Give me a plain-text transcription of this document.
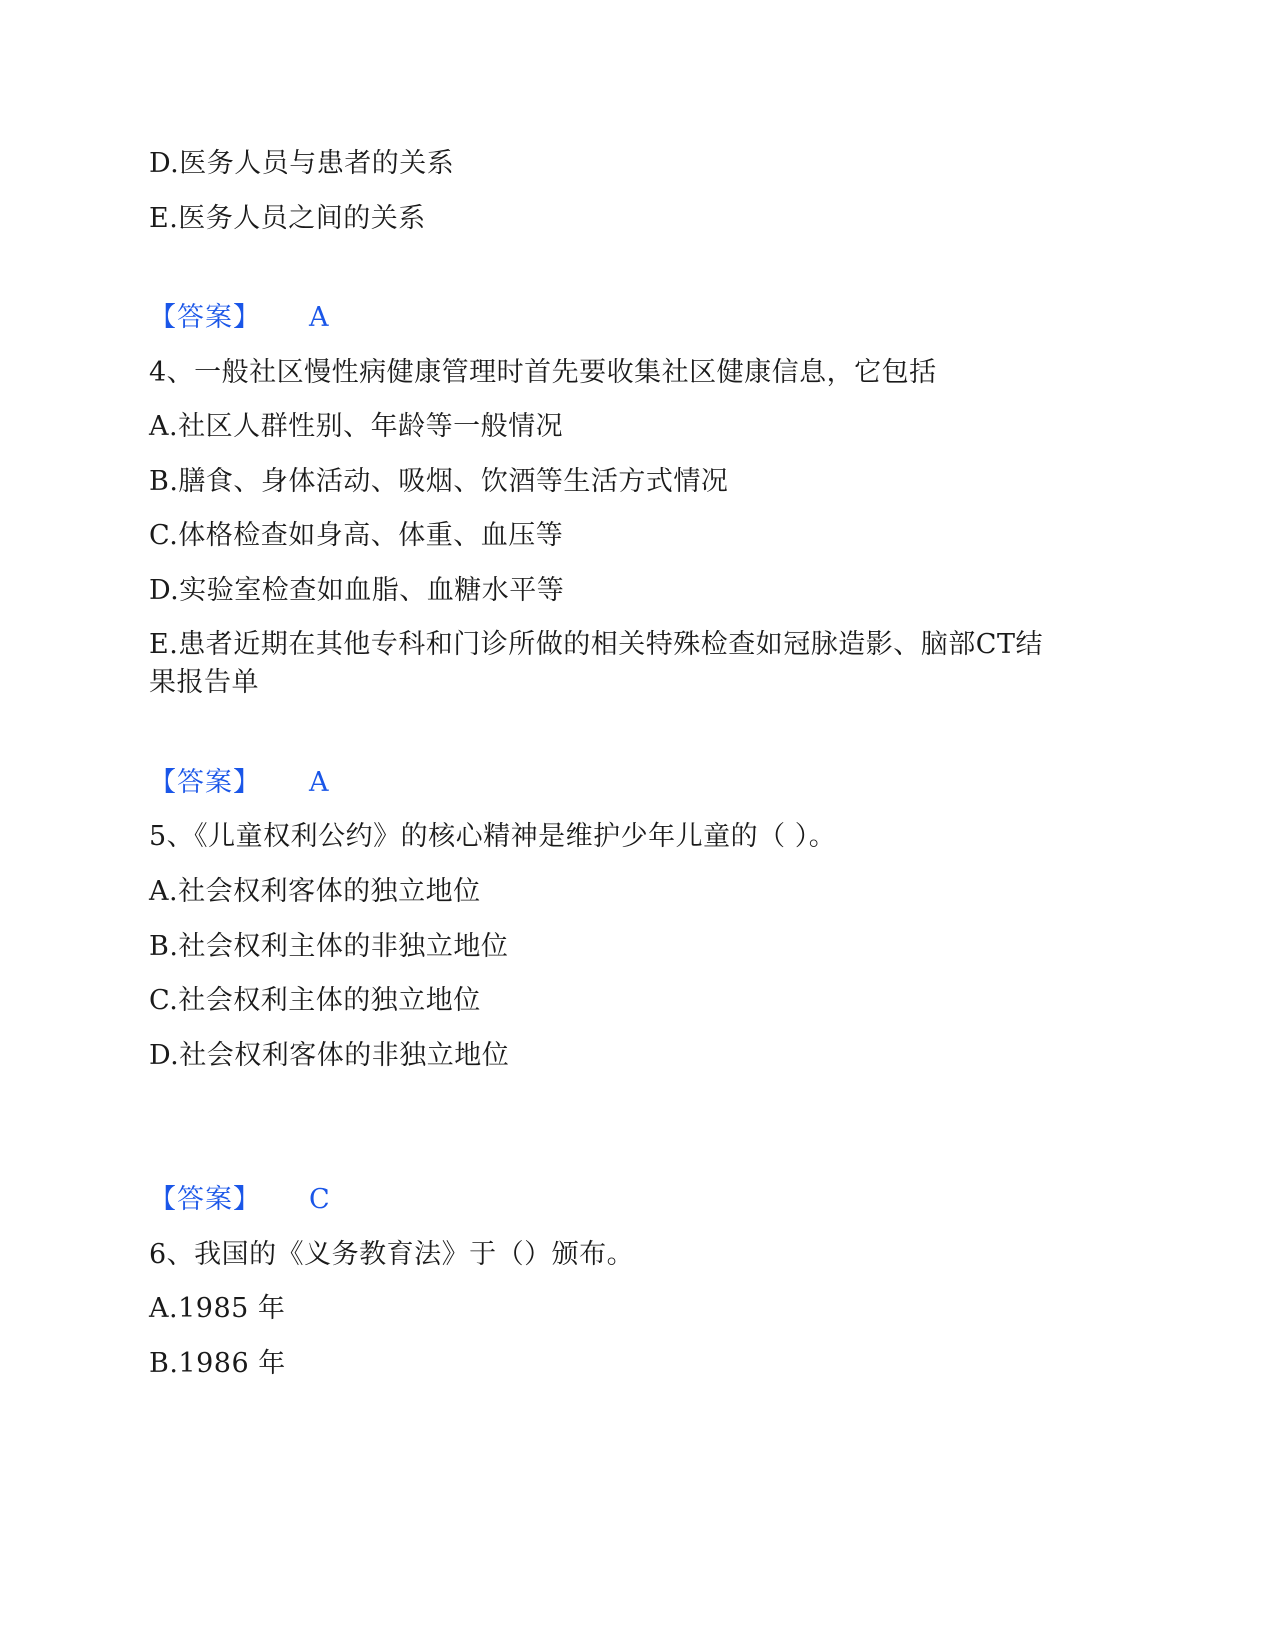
D.医务人员与患者的关系
E.医务人员之间的关系
【答案】 A
4、一般社区慢性病健康管理时首先要收集社区健康信息，它包括
A.社区人群性别、年龄等一般情况
B.膳食、身体活动、吸烟、饮酒等生活方式情况
C.体格检查如身高、体重、血压等
D.实验室检查如血脂、血糖水平等
E.患者近期在其他专科和门诊所做的相关特殊检查如冠脉造影、脑部CT结
果报告单
【答案】 A
5、《儿童权利公约》的核心精神是维护少年儿童的（ ）。
A.社会权利客体的独立地位
B.社会权利主体的非独立地位
C.社会权利主体的独立地位
D.社会权利客体的非独立地位
【答案】 C
6、我国的《义务教育法》于（）颁布。
A.1985 年
B.1986 年
